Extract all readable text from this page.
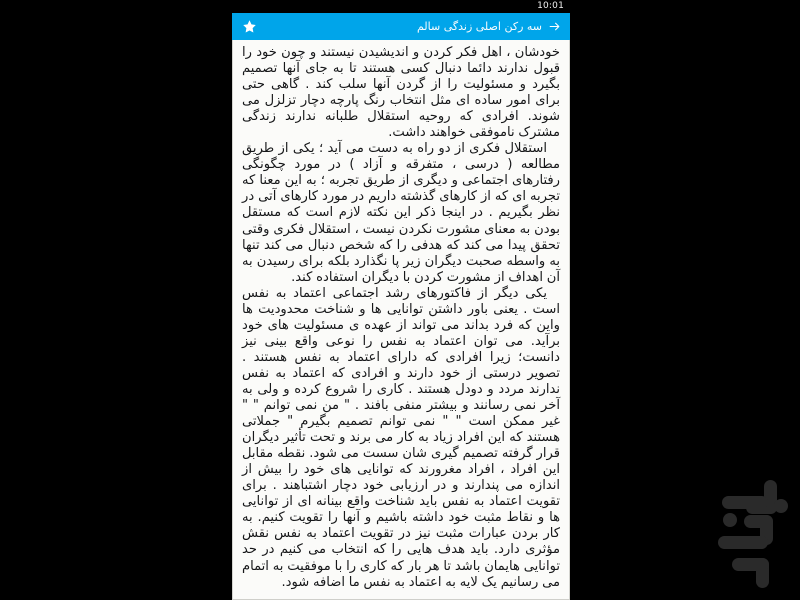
10:01
سه رکن اصلی زندگی سالم

خودشان ، اهل فکر کردن و اندیشیدن نیستند و چون خود را قبول ندارند دائما دنبال کسی هستند تا به جای آنها تصمیم بگیرد و مسئولیت را از گردن آنها سلب کند . گاهی حتی برای امور ساده ای مثل انتخاب رنگ پارچه دچار تزلزل می شوند. افرادی که روحیه استقلال طلبانه ندارند زندگی مشترک ناموفقی خواهند داشت.

استقلال فکری از دو راه به دست می آید ؛ یکی از طریق مطالعه ( درسی ، متفرقه و آزاد ) در مورد چگونگی رفتارهای اجتماعی و دیگری از طریق تجربه ؛ به این معنا که تجربه ای که از کارهای گذشته داریم در مورد کارهای آتی در نظر بگیریم . در اینجا ذکر این نکته لازم است که مستقل بودن به معنای مشورت نکردن نیست ، استقلال فکری وقتی تحقق پیدا می کند که هدفی را که شخص دنبال می کند تنها به واسطه صحبت دیگران زیر پا نگذارد بلکه برای رسیدن به آن اهداف از مشورت کردن با دیگران استفاده کند.

یکی دیگر از فاکتورهای رشد اجتماعی اعتماد به نفس است . یعنی باور داشتن توانایی ها و شناخت محدودیت ها واین که فرد بداند می تواند از عهده ی مسئولیت های خود برآید. می توان اعتماد به نفس را نوعی واقع بینی نیز دانست؛ زیرا افرادی که دارای اعتماد به نفس هستند . تصویر درستی از خود دارند و افرادی که اعتماد به نفس ندارند مردد و دودل هستند . کاری را شروع کرده و ولی به آخر نمی رسانند و بیشتر منفی بافند . " من نمی توانم " " غیر ممکن است " " نمی توانم تصمیم بگیرم " جملاتی هستند که این افراد زیاد به کار می برند و تحت تأثیر دیگران قرار گرفته تصمیم گیری شان سست می شود. نقطه مقابل این افراد ، افراد مغرورند که توانایی های خود را بیش از اندازه می پندارند و در ارزیابی خود دچار اشتباهند . برای تقویت اعتماد به نفس باید شناخت واقع بینانه ای از توانایی ها و نقاط مثبت خود داشته باشیم و آنها را تقویت کنیم. به کار بردن عبارات مثبت نیز در تقویت اعتماد به نفس نقش مؤثری دارد. باید هدف هایی را که انتخاب می کنیم در حد توانایی هایمان باشد تا هر بار که کاری را با موفقیت به اتمام می رسانیم یک لایه به اعتماد به نفس ما اضافه شود.
